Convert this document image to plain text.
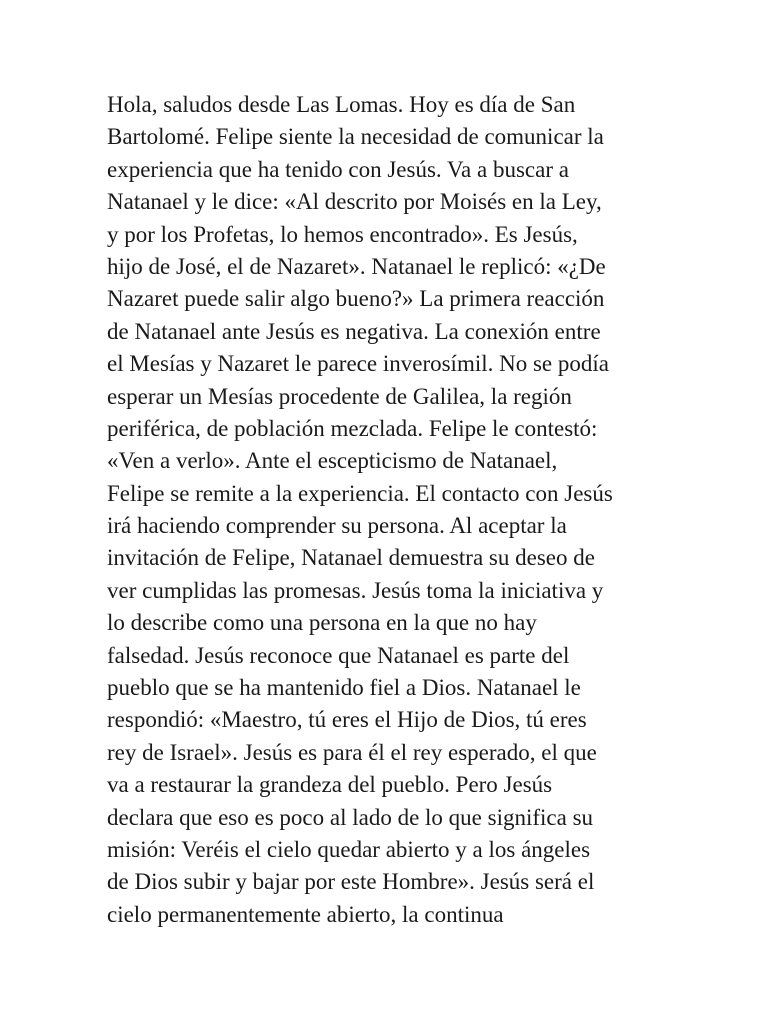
Hola, saludos desde Las Lomas. Hoy es día de San
Bartolomé. Felipe siente la necesidad de comunicar la
experiencia que ha tenido con Jesús. Va a buscar a
Natanael y le dice: «Al descrito por Moisés en la Ley,
y por los Profetas, lo hemos encontrado». Es Jesús,
hijo de José, el de Nazaret». Natanael le replicó: «¿De
Nazaret puede salir algo bueno?» La primera reacción
de Natanael ante Jesús es negativa. La conexión entre
el Mesías y Nazaret le parece inverosímil. No se podía
esperar un Mesías procedente de Galilea, la región
periférica, de población mezclada. Felipe le contestó:
«Ven a verlo». Ante el escepticismo de Natanael,
Felipe se remite a la experiencia. El contacto con Jesús
irá haciendo comprender su persona. Al aceptar la
invitación de Felipe, Natanael demuestra su deseo de
ver cumplidas las promesas. Jesús toma la iniciativa y
lo describe como una persona en la que no hay
falsedad. Jesús reconoce que Natanael es parte del
pueblo que se ha mantenido fiel a Dios. Natanael le
respondió: «Maestro, tú eres el Hijo de Dios, tú eres
rey de Israel». Jesús es para él el rey esperado, el que
va a restaurar la grandeza del pueblo. Pero Jesús
declara que eso es poco al lado de lo que significa su
misión: Veréis el cielo quedar abierto y a los ángeles
de Dios subir y bajar por este Hombre». Jesús será el
cielo permanentemente abierto, la continua
